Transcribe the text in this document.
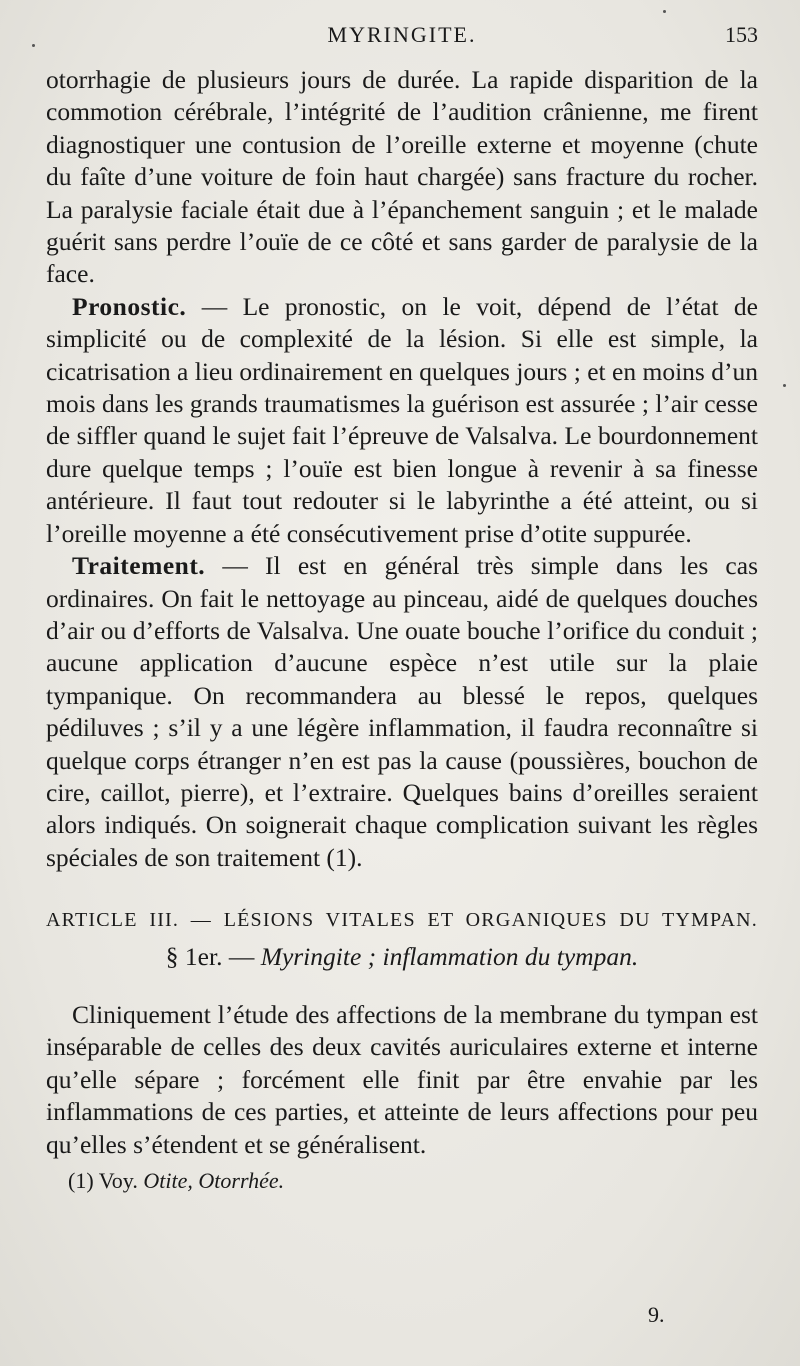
MYRINGITE.	153

otorrhagie de plusieurs jours de durée. La rapide disparition de la commotion cérébrale, l’intégrité de l’audition crânienne, me firent diagnostiquer une contusion de l’oreille externe et moyenne (chute du faîte d’une voiture de foin haut chargée) sans fracture du rocher. La paralysie faciale était due à l’épanchement sanguin ; et le malade guérit sans perdre l’ouïe de ce côté et sans garder de paralysie de la face.

Pronostic. — Le pronostic, on le voit, dépend de l’état de simplicité ou de complexité de la lésion. Si elle est simple, la cicatrisation a lieu ordinairement en quelques jours ; et en moins d’un mois dans les grands traumatismes la guérison est assurée ; l’air cesse de siffler quand le sujet fait l’épreuve de Valsalva. Le bourdonnement dure quelque temps ; l’ouïe est bien longue à revenir à sa finesse antérieure. Il faut tout redouter si le labyrinthe a été atteint, ou si l’oreille moyenne a été consécutivement prise d’otite suppurée.

Traitement. — Il est en général très simple dans les cas ordinaires. On fait le nettoyage au pinceau, aidé de quelques douches d’air ou d’efforts de Valsalva. Une ouate bouche l’orifice du conduit ; aucune application d’aucune espèce n’est utile sur la plaie tympanique. On recommandera au blessé le repos, quelques pédiluves ; s’il y a une légère inflammation, il faudra reconnaître si quelque corps étranger n’en est pas la cause (poussières, bouchon de cire, caillot, pierre), et l’extraire. Quelques bains d’oreilles seraient alors indiqués. On soignerait chaque complication suivant les règles spéciales de son traitement (1).

ARTICLE III. — LÉSIONS VITALES ET ORGANIQUES DU TYMPAN.
§ 1er. — Myringite ; inflammation du tympan.

Cliniquement l’étude des affections de la membrane du tympan est inséparable de celles des deux cavités auriculaires externe et interne qu’elle sépare ; forcément elle finit par être envahie par les inflammations de ces parties, et atteinte de leurs affections pour peu qu’elles s’étendent et se généralisent.

(1) Voy. Otite, Otorrhée.
9.
